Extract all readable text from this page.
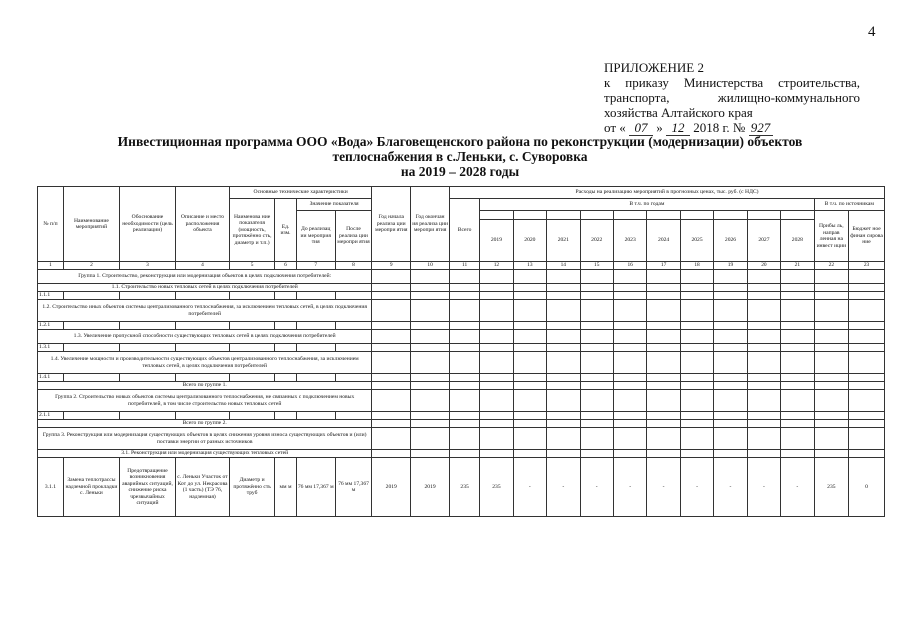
4
ПРИЛОЖЕНИЕ 2
к приказу Министерства строительства,
транспорта, жилищно-коммунального
хозяйства Алтайского края
от « 07 » 12 2018 г. № 927
Инвестиционная программа ООО «Вода» Благовещенского района по реконструкции (модернизации) объектов
теплоснабжения в с.Леньки, с. Суворовка
на 2019 – 2028 годы
№ п/п	Наименование мероприятий	Обоснование необходимости (цель реализации)	Описание и место расположения объекта	Основные технические характеристики				Год начала реализа ции меропри ятия	Год окончан ия реализа ции меропри ятия	Расходы на реализацию мероприятий в прогнозных ценах, тыс. руб. (с НДС)												
				Наименова ние показателя (мощность, протяжённо сть, диаметр и т.п.)	Ед. изм.	Значение показателя				Всего	В т.ч. по годам										В т.ч. по источникам	
						До реализац ии мероприя тия	После реализа ции меропри ятия														Прибы ль, направ ленная на инвест иции	Бюджет ное финан сирова ние
											2019	2020	2021	2022	2023	2024	2025	2026	2027	2028		
1	2	3	4	5	6	7	8	9	10	11	12	13	14	15	16	17	18	19	20	21	22	23
Группа 1. Строительство, реконструкция или модернизация объектов в целях подключения потребителей:																						
1.1. Строительство новых тепловых сетей в целях подключения потребителей																						
1.1.1																						
1.2. Строительство иных объектов системы централизованного теплоснабжения, за исключением тепловых сетей, в целях подключения потребителей																						
1.2.1																						
1.3. Увеличение пропускной способности существующих тепловых сетей в целях подключения потребителей																						
1.3.1																						
1.4. Увеличение мощности и производительности существующих объектов централизованного теплоснабжения, за исключением тепловых сетей, в целях подключения потребителей																						
1.4.1																						
Всего по группе 1.																						
Группа 2. Строительство новых объектов системы централизованного теплоснабжения, не связанных с подключением новых потребителей, в том числе строительство новых тепловых сетей																						
2.1.1																						
Всего по группе 2.																						
Группа 3. Реконструкция или модернизация существующих объектов в целях снижения уровня износа существующих объектов и (или) поставки энергии от разных источников																						
3.1. Реконструкция или модернизация существующих тепловых сетей																						
3.1.1	Замена теплотрассы надземной прокладки с. Леньки	Предотвращение возникновения аварийных ситуаций, снижение риска чрезвычайных ситуаций	с. Леньки Участок от Кот до ул. Некрасова (1 часть) (ТЭ 76, надземная)	Диаметр и протяжённо сть труб	мм м	76 мм 17,367 м	76 мм 17,367 м	2019	2019	235	235	-	-	-	-	-	-	-	-	-	235	0
